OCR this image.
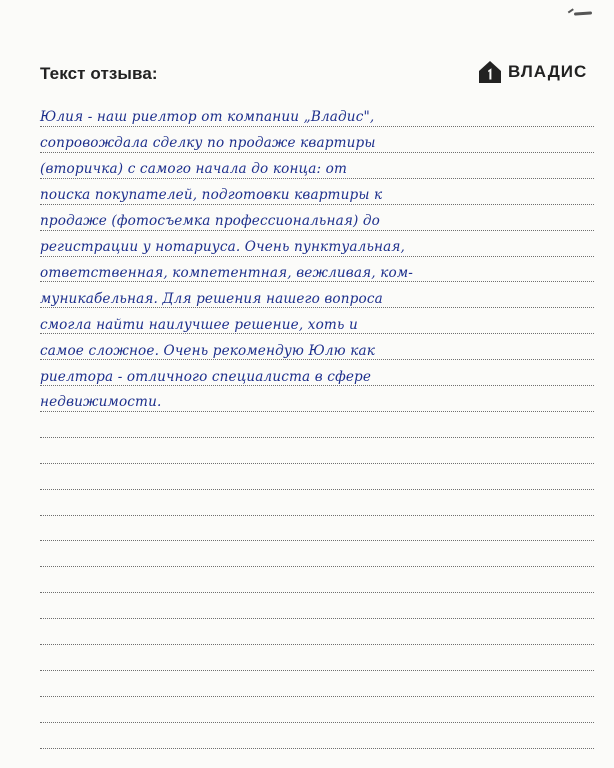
Текст отзыва:	ВЛАДИС
Юлия - наш риелтор от компании „Владис",
сопровождала сделку по продаже квартиры
(вторичка) с самого начала до конца: от
поиска покупателей, подготовки квартиры к
продаже (фотосъемка профессиональная) до
регистрации у нотариуса. Очень пунктуальная,
ответственная, компетентная, вежливая, ком-
муникабельная. Для решения нашего вопроса
смогла найти наилучшее решение, хоть и
самое сложное. Очень рекомендую Юлю как
риелтора - отличного специалиста в сфере
недвижимости.
